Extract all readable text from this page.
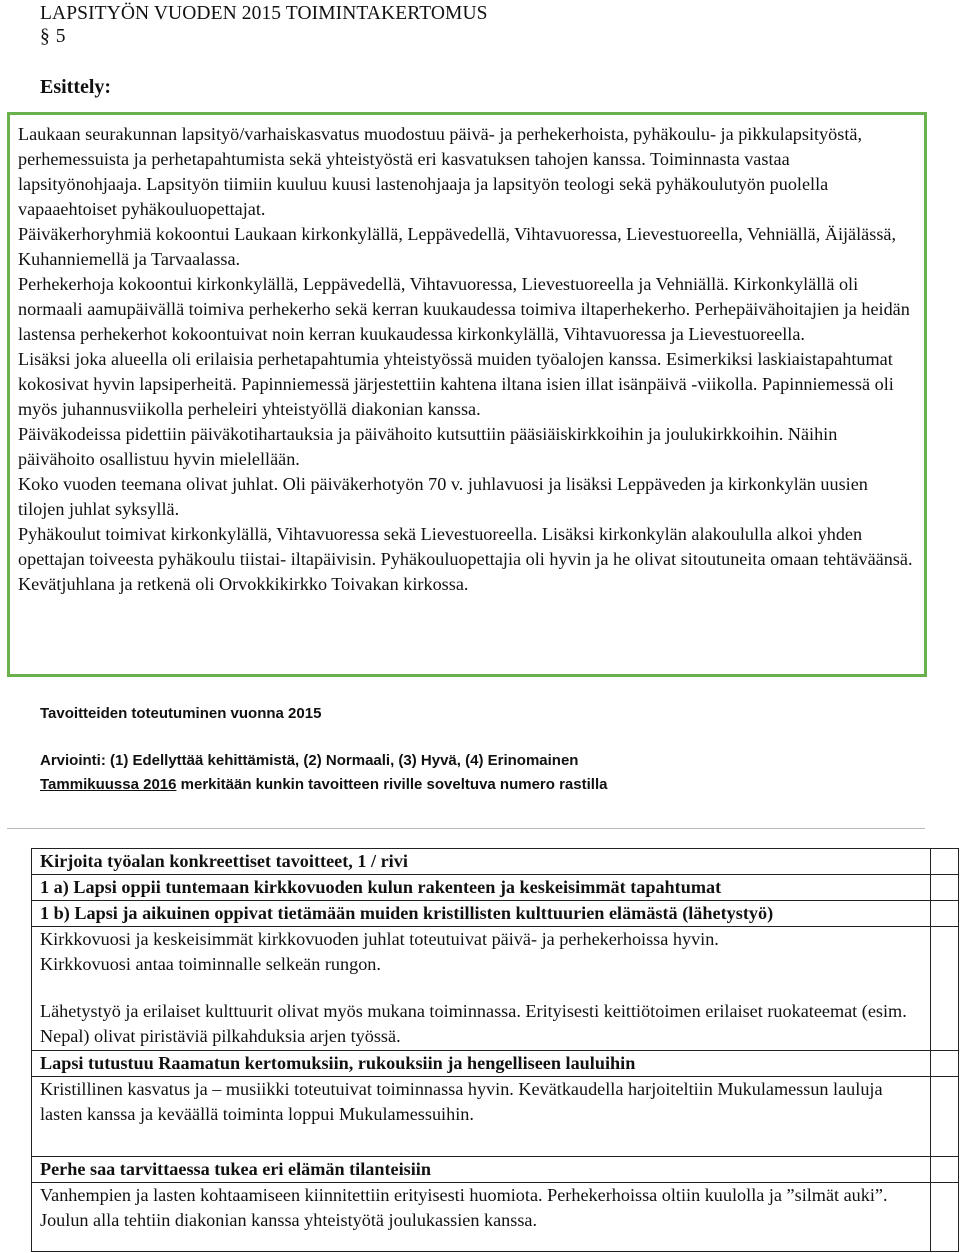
LAPSITYÖN VUODEN 2015 TOIMINTAKERTOMUS
§ 5
Esittely:

Laukaan seurakunnan lapsityö/varhaiskasvatus muodostuu päivä- ja perhekerhoista, pyhäkoulu- ja pikkulapsityöstä, perhemessuista ja perhetapahtumista sekä yhteistyöstä eri kasvatuksen tahojen kanssa. Toiminnasta vastaa lapsityönohjaaja. Lapsityön tiimiin kuuluu kuusi lastenohjaaja ja lapsityön teologi sekä pyhäkoulutyön puolella vapaaehtoiset pyhäkouluopettajat.

Päiväkerhoryhmiä kokoontui Laukaan kirkonkylällä, Leppävedellä, Vihtavuoressa, Lievestuoreella, Vehniällä, Äijälässä, Kuhanniemellä ja Tarvaalassa.

Perhekerhoja kokoontui kirkonkylällä, Leppävedellä, Vihtavuoressa, Lievestuoreella ja Vehniällä. Kirkonkylällä oli normaali aamupäivällä toimiva perhekerho sekä kerran kuukaudessa toimiva iltaperhekerho. Perhepäivähoitajien ja heidän lastensa perhekerhot kokoontuivat noin kerran kuukaudessa kirkonkylällä, Vihtavuoressa ja Lievestuoreella.

Lisäksi joka alueella oli erilaisia perhetapahtumia yhteistyössä muiden työalojen kanssa. Esimerkiksi laskiaistapahtumat kokosivat hyvin lapsiperheitä. Papinniemessä järjestettiin kahtena iltana isien illat isänpäivä -viikolla. Papinniemessä oli myös juhannusviikolla perheleiri yhteistyöllä diakonian kanssa.

Päiväkodeissa pidettiin päiväkotihartauksia ja päivähoito kutsuttiin pääsiäiskirkkoihin ja joulukirkkoihin. Näihin päivähoito osallistuu hyvin mielellään.

Koko vuoden teemana olivat juhlat. Oli päiväkerhotyön 70 v. juhlavuosi ja lisäksi Leppäveden ja kirkonkylän uusien tilojen juhlat syksyllä.

Pyhäkoulut toimivat kirkonkylällä, Vihtavuoressa sekä Lievestuoreella. Lisäksi kirkonkylän alakoululla alkoi yhden opettajan toiveesta pyhäkoulu tiistai- iltapäivisin. Pyhäkouluopettajia oli hyvin ja he olivat sitoutuneita omaan tehtäväänsä. Kevätjuhlana ja retkenä oli Orvokkikirkko Toivakan kirkossa.

Tavoitteiden toteutuminen vuonna 2015
Arviointi: (1) Edellyttää kehittämistä, (2) Normaali, (3) Hyvä, (4) Erinomainen
Tammikuussa 2016 merkitään kunkin tavoitteen riville soveltuva numero rastilla
Kirjoita työalan konkreettiset tavoitteet, 1 / rivi	
1 a) Lapsi oppii tuntemaan kirkkovuoden kulun rakenteen ja keskeisimmät tapahtumat	
1 b) Lapsi ja aikuinen oppivat tietämään muiden kristillisten kulttuurien elämästä (lähetystyö)	

Kirkkovuosi ja keskeisimmät kirkkovuoden juhlat toteutuivat päivä- ja perhekerhoissa hyvin.

Kirkkovuosi antaa toiminnalle selkeän rungon.

Lähetystyö ja erilaiset kulttuurit olivat myös mukana toiminnassa. Erityisesti keittiötoimen erilaiset ruokateemat (esim. Nepal) olivat piristäviä pilkahduksia arjen työssä.	

Lapsi tutustuu Raamatun kertomuksiin, rukouksiin ja hengelliseen lauluihin	

Kristillinen kasvatus ja – musiikki toteutuivat toiminnassa hyvin. Kevätkaudella harjoiteltiin Mukulamessun lauluja lasten kanssa ja keväällä toiminta loppui Mukulamessuihin.	

Perhe saa tarvittaessa tukea eri elämän tilanteisiin	

Vanhempien ja lasten kohtaamiseen kiinnitettiin erityisesti huomiota. Perhekerhoissa oltiin kuulolla ja ”silmät auki”. Joulun alla tehtiin diakonian kanssa yhteistyötä joulukassien kanssa.	
